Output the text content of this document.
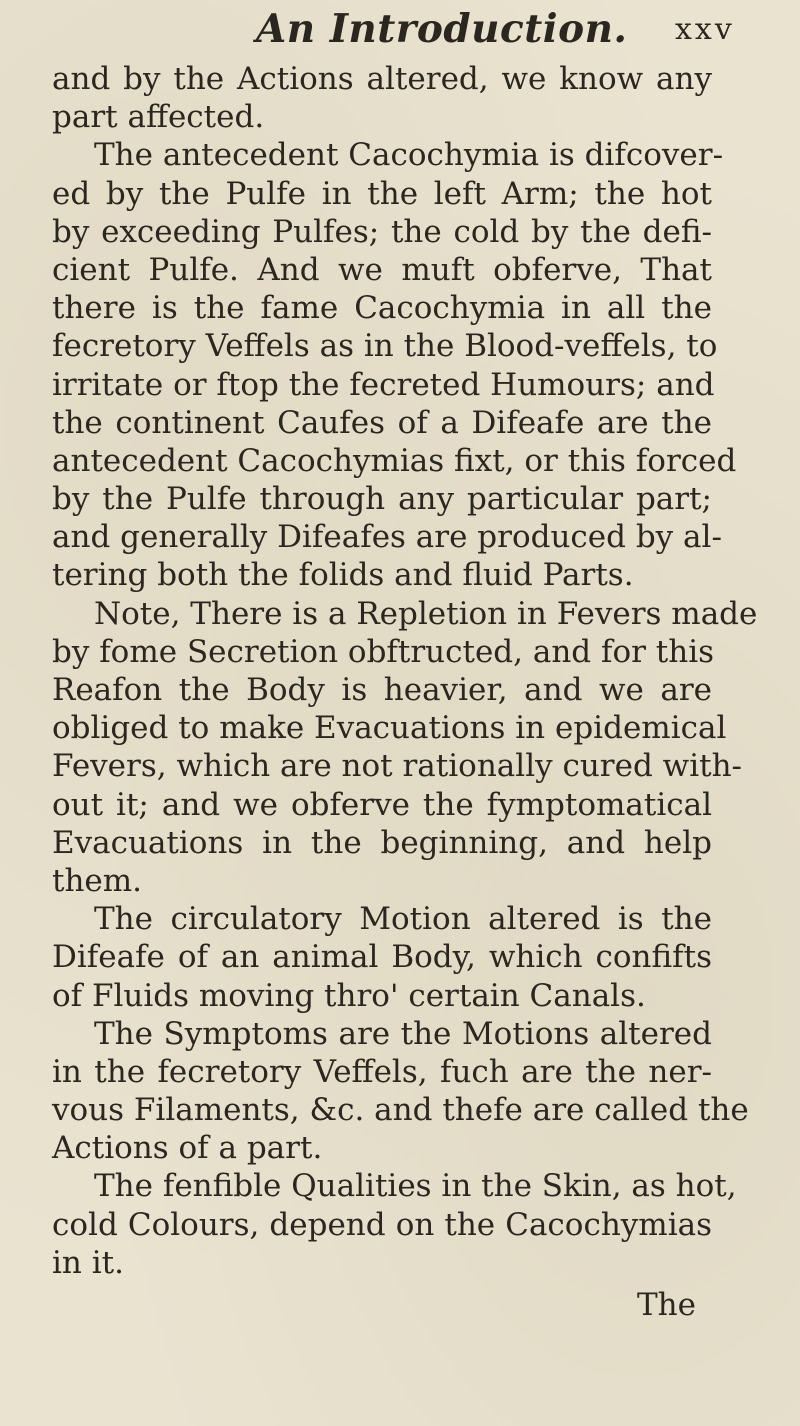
An Introduction. xxv
and by the Actions altered, we know any
part affected.
The antecedent Cacochymia is difcover-
ed by the Pulfe in the left Arm; the hot
by exceeding Pulfes; the cold by the defi-
cient Pulfe. And we muft obferve, That
there is the fame Cacochymia in all the
fecretory Veffels as in the Blood-veffels, to
irritate or ftop the fecreted Humours; and
the continent Caufes of a Difeafe are the
antecedent Cacochymias fixt, or this forced
by the Pulfe through any particular part;
and generally Difeafes are produced by al-
tering both the folids and fluid Parts.
Note, There is a Repletion in Fevers made
by fome Secretion obftructed, and for this
Reafon the Body is heavier, and we are
obliged to make Evacuations in epidemical
Fevers, which are not rationally cured with-
out it; and we obferve the fymptomatical
Evacuations in the beginning, and help
them.
The circulatory Motion altered is the
Difeafe of an animal Body, which confifts
of Fluids moving thro' certain Canals.
The Symptoms are the Motions altered
in the fecretory Veffels, fuch are the ner-
vous Filaments, &c. and thefe are called the
Actions of a part.
The fenfible Qualities in the Skin, as hot,
cold Colours, depend on the Cacochymias
in it.
The
